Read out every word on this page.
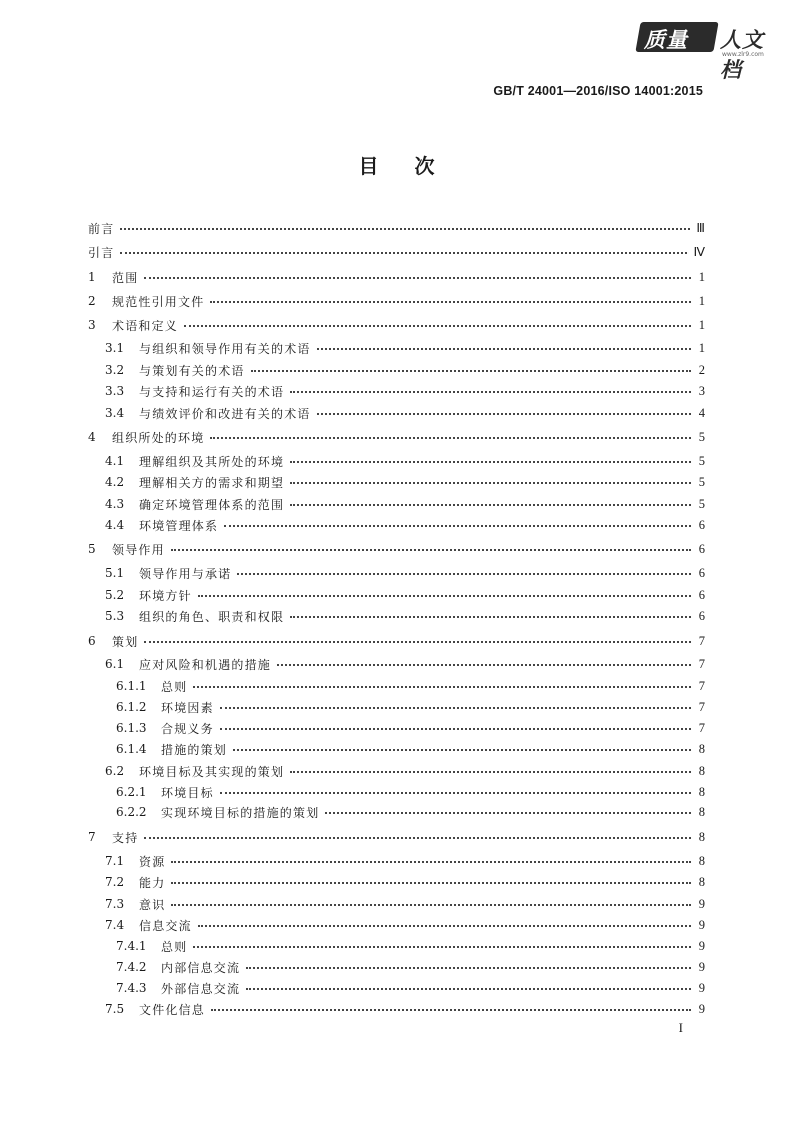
质量 人文档
www.zlr9.com
GB/T 24001—2016/ISO 14001:2015
目次
前言	Ⅲ
引言	Ⅳ
1	范围	1
2	规范性引用文件	1
3	术语和定义	1
3.1	与组织和领导作用有关的术语	1
3.2	与策划有关的术语	2
3.3	与支持和运行有关的术语	3
3.4	与绩效评价和改进有关的术语	4
4	组织所处的环境	5
4.1	理解组织及其所处的环境	5
4.2	理解相关方的需求和期望	5
4.3	确定环境管理体系的范围	5
4.4	环境管理体系	6
5	领导作用	6
5.1	领导作用与承诺	6
5.2	环境方针	6
5.3	组织的角色、职责和权限	6
6	策划	7
6.1	应对风险和机遇的措施	7
6.1.1	总则	7
6.1.2	环境因素	7
6.1.3	合规义务	7
6.1.4	措施的策划	8
6.2	环境目标及其实现的策划	8
6.2.1	环境目标	8
6.2.2	实现环境目标的措施的策划	8
7	支持	8
7.1	资源	8
7.2	能力	8
7.3	意识	9
7.4	信息交流	9
7.4.1	总则	9
7.4.2	内部信息交流	9
7.4.3	外部信息交流	9
7.5	文件化信息	9
I
